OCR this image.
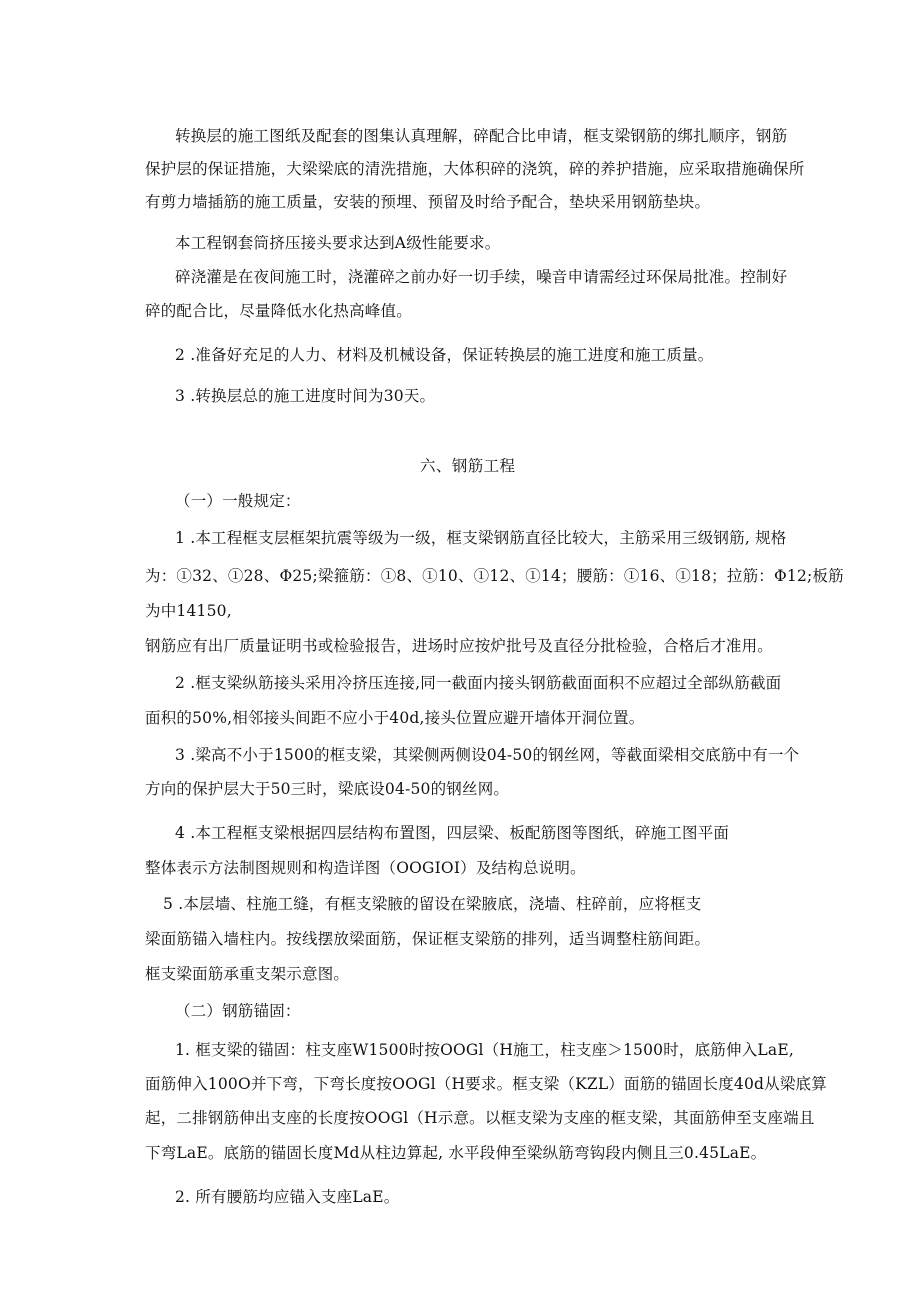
转换层的施工图纸及配套的图集认真理解，碎配合比申请，框支梁钢筋的绑扎顺序，钢筋
保护层的保证措施，大梁梁底的清洗措施，大体积碎的浇筑，碎的养护措施，应采取措施确保所
有剪力墙插筋的施工质量，安装的预埋、预留及时给予配合，垫块采用钢筋垫块。
本工程钢套筒挤压接头要求达到A级性能要求。
碎浇灌是在夜间施工时，浇灌碎之前办好一切手续，噪音申请需经过环保局批准。控制好
碎的配合比，尽量降低水化热高峰值。
2 .准备好充足的人力、材料及机械设备，保证转换层的施工进度和施工质量。
3 .转换层总的施工进度时间为30天。
六、钢筋工程
（一）一般规定：
1 .本工程框支层框架抗震等级为一级，框支梁钢筋直径比较大，主筋采用三级钢筋, 规格
为：①32、①28、Φ25;梁箍筋：①8、①10、①12、①14；腰筋：①16、①18；拉筋：Φ12;板筋
为中14150,
钢筋应有出厂质量证明书或检验报告，进场时应按炉批号及直径分批检验，合格后才准用。
2 .框支梁纵筋接头采用冷挤压连接,同一截面内接头钢筋截面面积不应超过全部纵筋截面
面积的50%,相邻接头间距不应小于40d,接头位置应避开墙体开洞位置。
3 .梁高不小于1500的框支梁，其梁侧两侧设04-50的钢丝网，等截面梁相交底筋中有一个
方向的保护层大于50三时，梁底设04-50的钢丝网。
4 .本工程框支梁根据四层结构布置图，四层梁、板配筋图等图纸，碎施工图平面
整体表示方法制图规则和构造详图（OOGIOI）及结构总说明。
5 .本层墙、柱施工缝，有框支梁腋的留设在梁腋底，浇墙、柱碎前，应将框支
梁面筋锚入墙柱内。按线摆放梁面筋，保证框支梁筋的排列，适当调整柱筋间距。
框支梁面筋承重支架示意图。
（二）钢筋锚固：
1. 框支梁的锚固：柱支座W1500时按OOGl（H施工，柱支座＞1500时，底筋伸入LaE,
面筋伸入100O并下弯，下弯长度按OOGl（H要求。框支梁（KZL）面筋的锚固长度40d从梁底算
起，二排钢筋伸出支座的长度按OOGl（H示意。以框支梁为支座的框支梁，其面筋伸至支座端且
下弯LaE。底筋的锚固长度Md从柱边算起, 水平段伸至梁纵筋弯钩段内侧且三0.45LaE。
2. 所有腰筋均应锚入支座LaE。
